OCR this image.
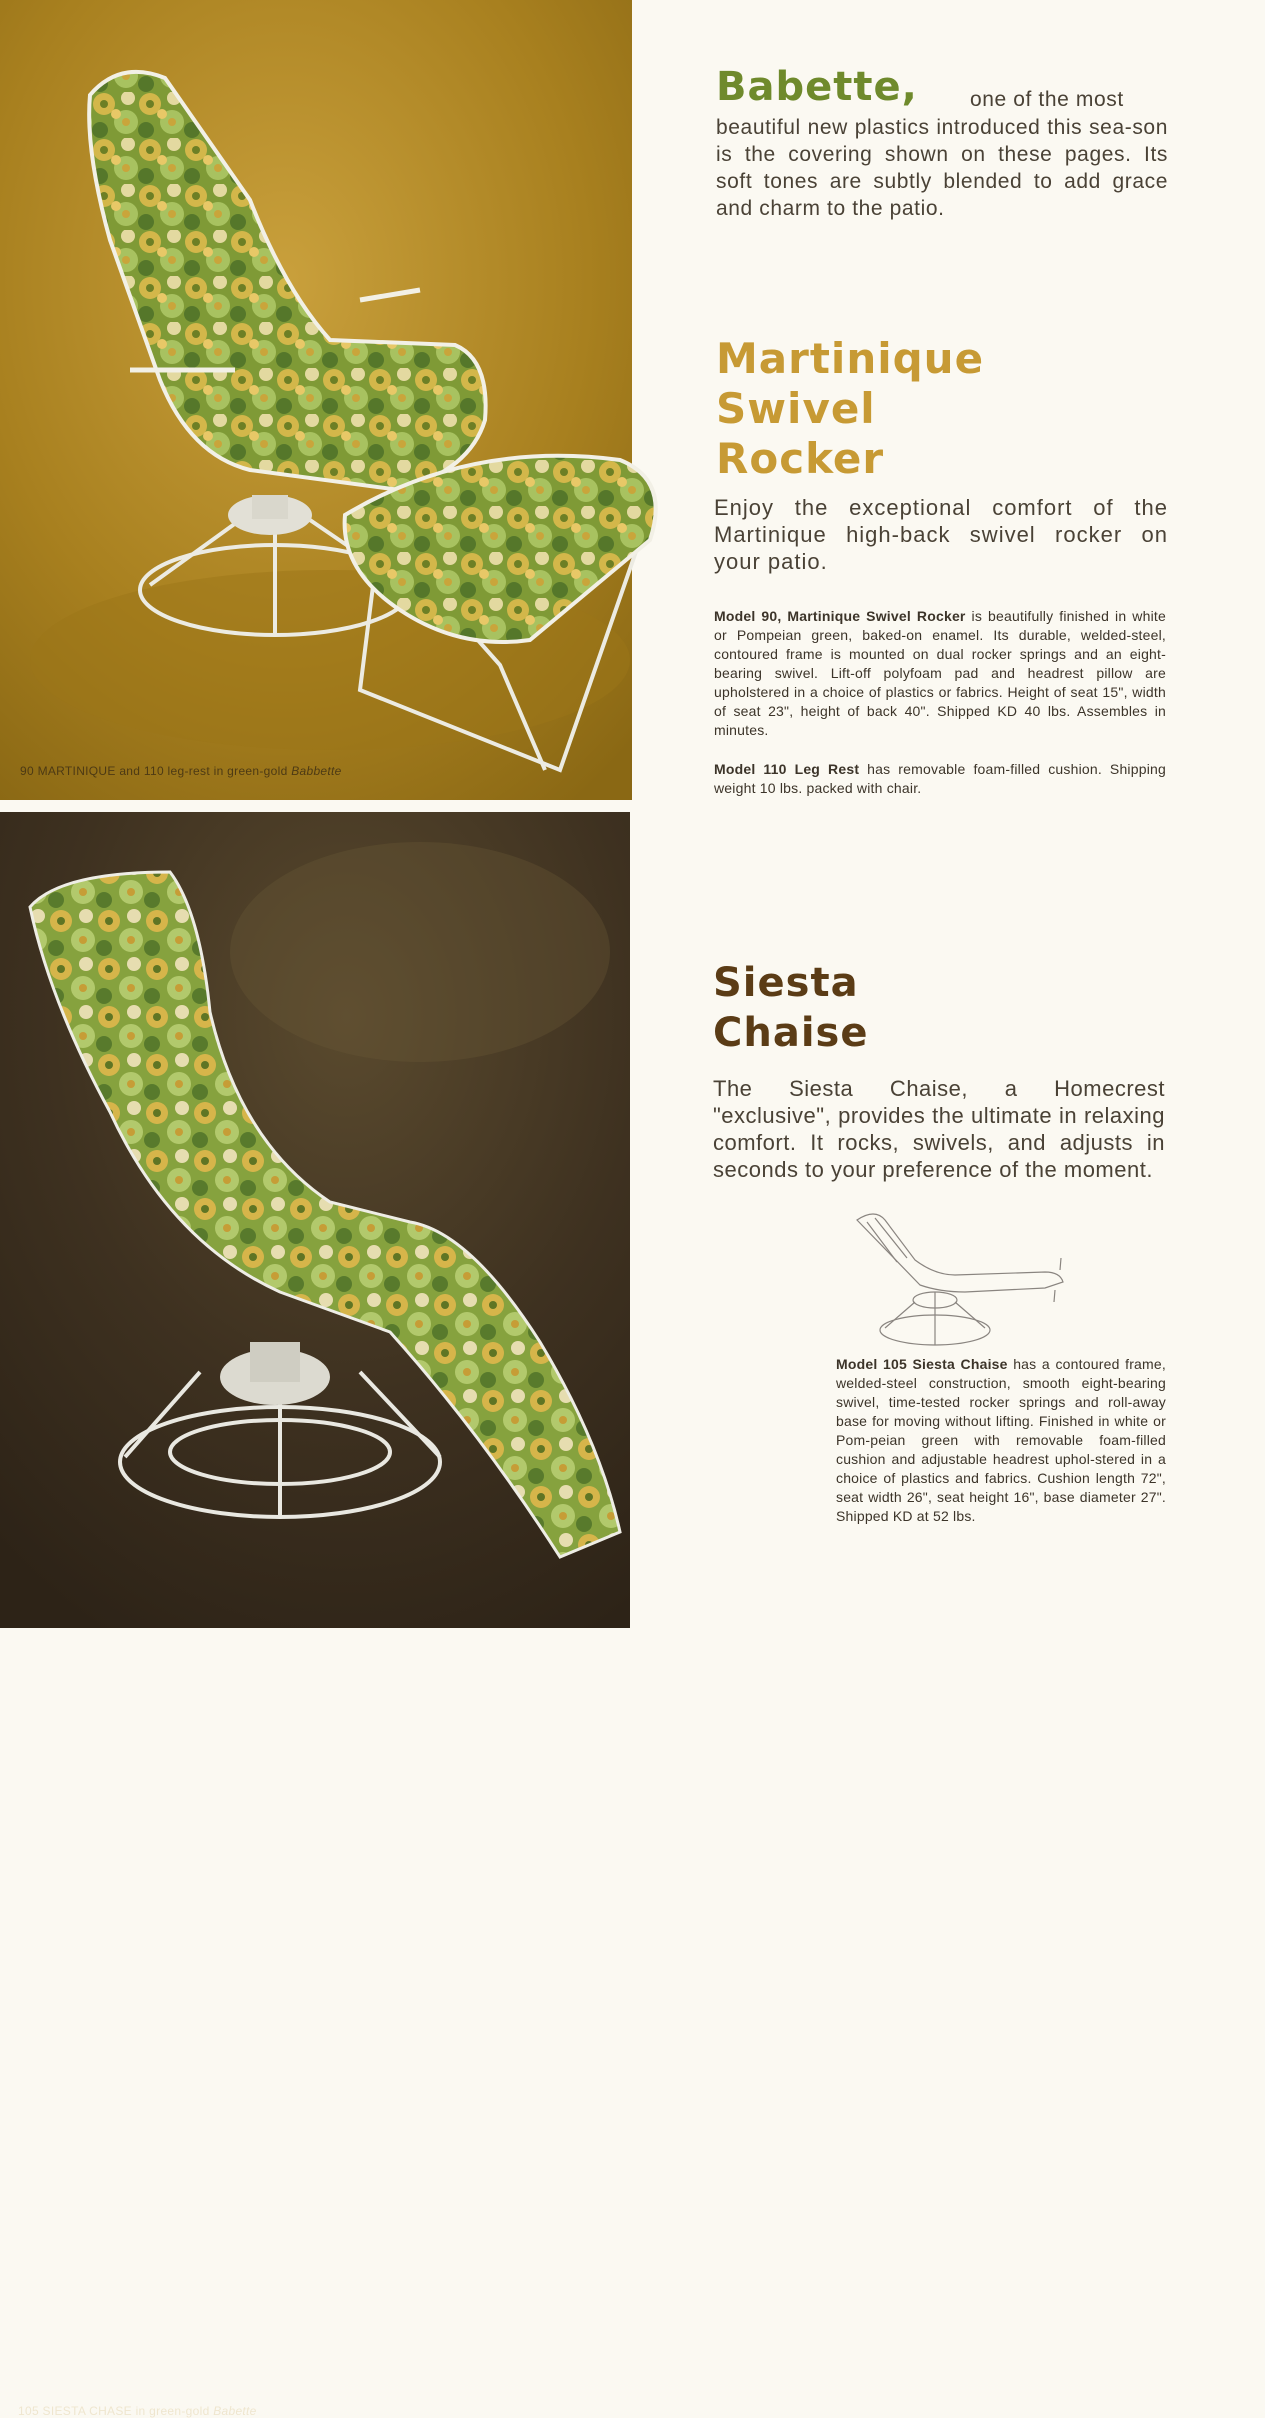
90 MARTINIQUE and 110 leg-rest in green-gold Babbette
105 SIESTA CHASE in green-gold Babette
Babette, one of the most
beautiful new plastics introduced this sea-son is the covering shown on these pages. Its soft tones are subtly blended to add grace and charm to the patio.
Martinique
Swivel
Rocker
Enjoy the exceptional comfort of the Martinique high-back swivel rocker on your patio.
Model 90, Martinique Swivel Rocker is beautifully finished in white or Pompeian green, baked-on enamel. Its durable, welded-steel, contoured frame is mounted on dual rocker springs and an eight-bearing swivel. Lift-off polyfoam pad and headrest pillow are upholstered in a choice of plastics or fabrics. Height of seat 15", width of seat 23", height of back 40". Shipped KD 40 lbs. Assembles in minutes.
Model 110 Leg Rest has removable foam-filled cushion. Shipping weight 10 lbs. packed with chair.
Siesta
Chaise
The Siesta Chaise, a Homecrest "exclusive", provides the ultimate in relaxing comfort. It rocks, swivels, and adjusts in seconds to your preference of the moment.
Model 105 Siesta Chaise has a contoured frame, welded-steel construction, smooth eight-bearing swivel, time-tested rocker springs and roll-away base for moving without lifting. Finished in white or Pom-peian green with removable foam-filled cushion and adjustable headrest uphol-stered in a choice of plastics and fabrics. Cushion length 72", seat width 26", seat height 16", base diameter 27". Shipped KD at 52 lbs.
